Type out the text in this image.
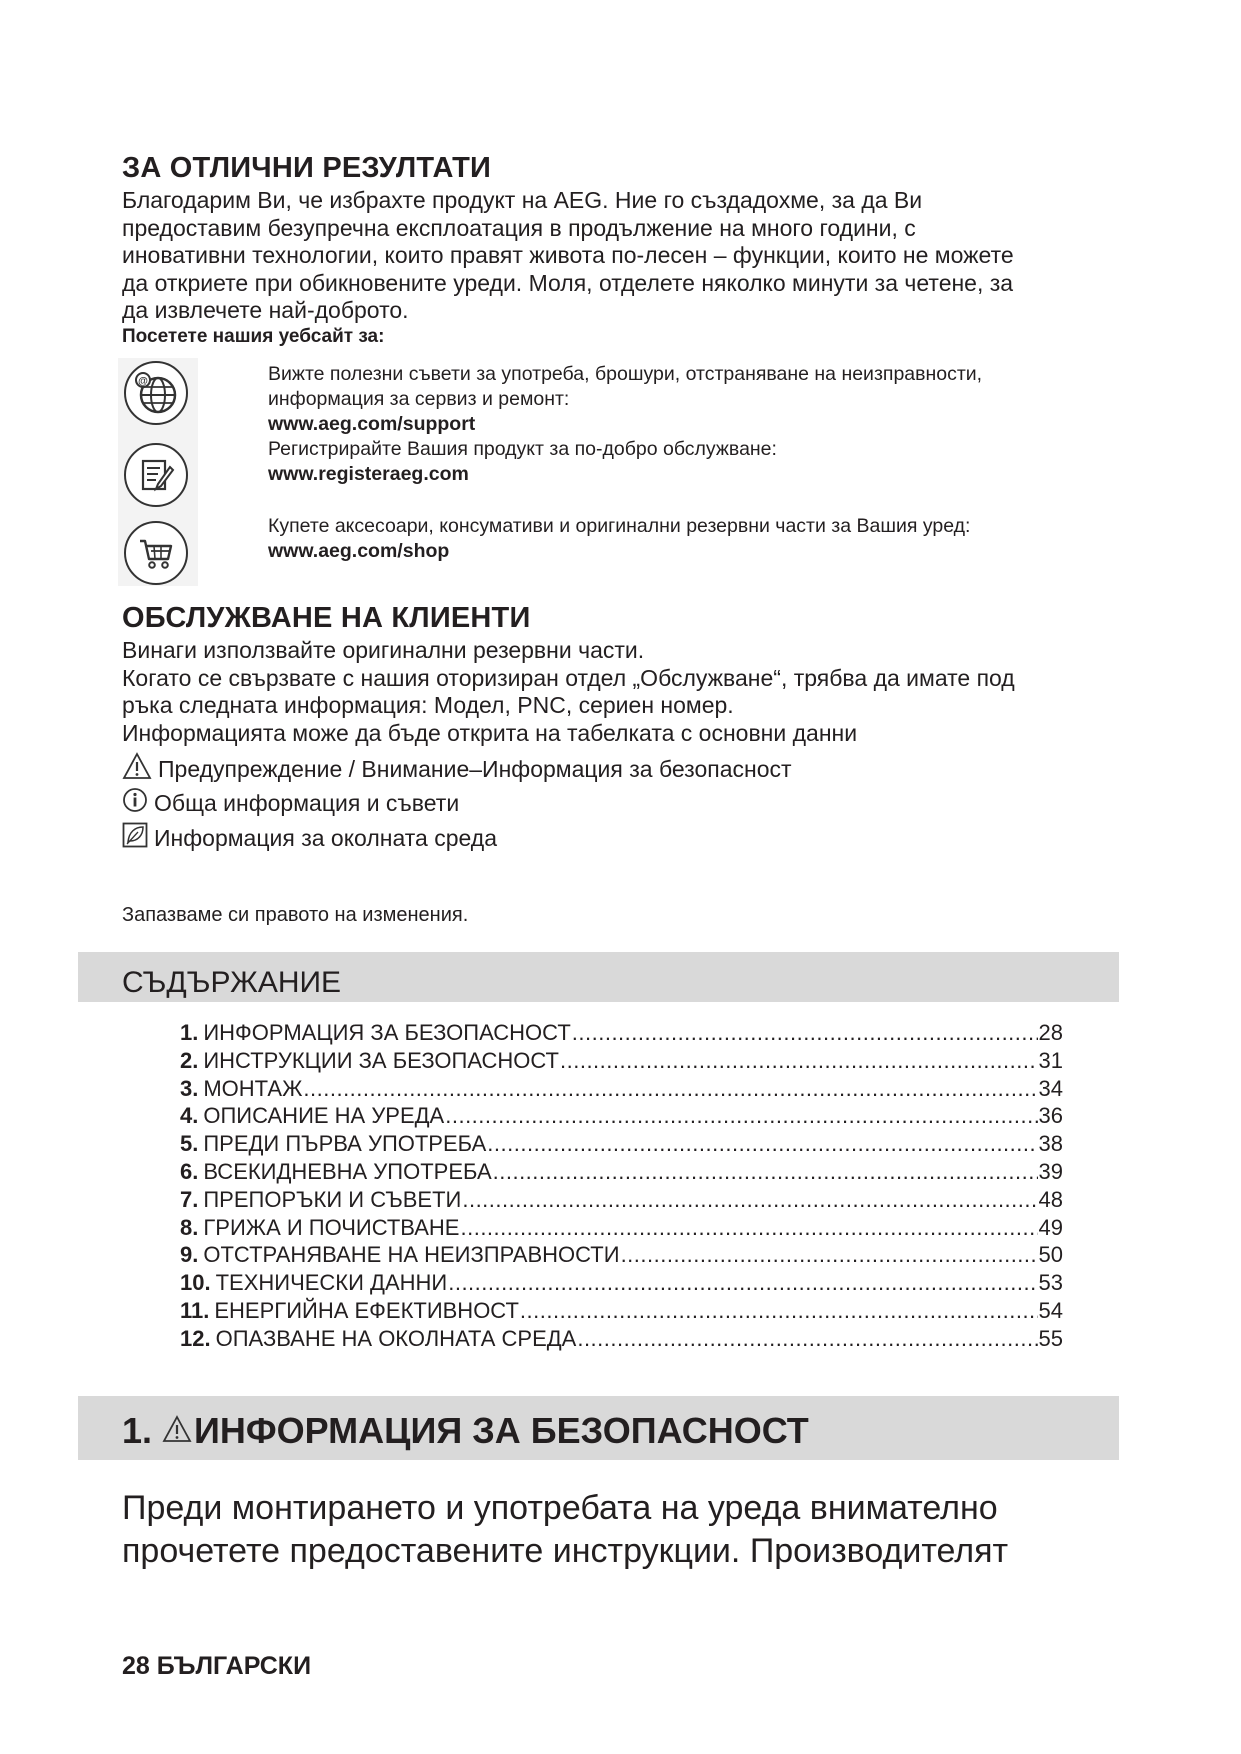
ЗА ОТЛИЧНИ РЕЗУЛТАТИ
Благодарим Ви, че избрахте продукт на AEG. Ние го създадохме, за да Ви
предоставим безупречна експлоатация в продължение на много години, с
иновативни технологии, които правят живота по-лесен – функции, които не можете
да откриете при обикновените уреди. Моля, отделете няколко минути за четене, за
да извлечете най-доброто.
Посетете нашия уебсайт за:
@	Вижте полезни съвети за употреба, брошури, отстраняване на неизправности,
информация за сервиз и ремонт:
www.aeg.com/support
Регистрирайте Вашия продукт за по-добро обслужване:
www.registeraeg.com
Купете аксесоари, консумативи и оригинални резервни части за Вашия уред:
www.aeg.com/shop
ОБСЛУЖВАНЕ НА КЛИЕНТИ
Винаги използвайте оригинални резервни части.
Когато се свързвате с нашия оторизиран отдел „Обслужване“, трябва да имате под
ръка следната информация: Модел, PNC, сериен номер.
Информацията може да бъде открита на табелката с основни данни
Предупреждение / Внимание–Информация за безопасност
Обща информация и съвети
Информация за околната среда
Запазваме си правото на изменения.
СЪДЪРЖАНИЕ
1. ИНФОРМАЦИЯ ЗА БЕЗОПАСНОСТ .....	28
2. ИНСТРУКЦИИ ЗА БЕЗОПАСНОСТ .....	31
3. МОНТАЖ .....	34
4. ОПИСАНИЕ НА УРЕДА .....	36
5. ПРЕДИ ПЪРВА УПОТРЕБА .....	38
6. ВСЕКИДНЕВНА УПОТРЕБА .....	39
7. ПРЕПОРЪКИ И СЪВЕТИ .....	48
8. ГРИЖА И ПОЧИСТВАНЕ .....	49
9. ОТСТРАНЯВАНЕ НА НЕИЗПРАВНОСТИ .....	50
10. ТЕХНИЧЕСКИ ДАННИ .....	53
11. ЕНЕРГИЙНА ЕФЕКТИВНОСТ .....	54
12. ОПАЗВАНЕ НА ОКОЛНАТА СРЕДА .....	55
1. ИНФОРМАЦИЯ ЗА БЕЗОПАСНОСТ
Преди монтирането и употребата на уреда внимателно
прочетете предоставените инструкции. Производителят
28 БЪЛГАРСКИ
